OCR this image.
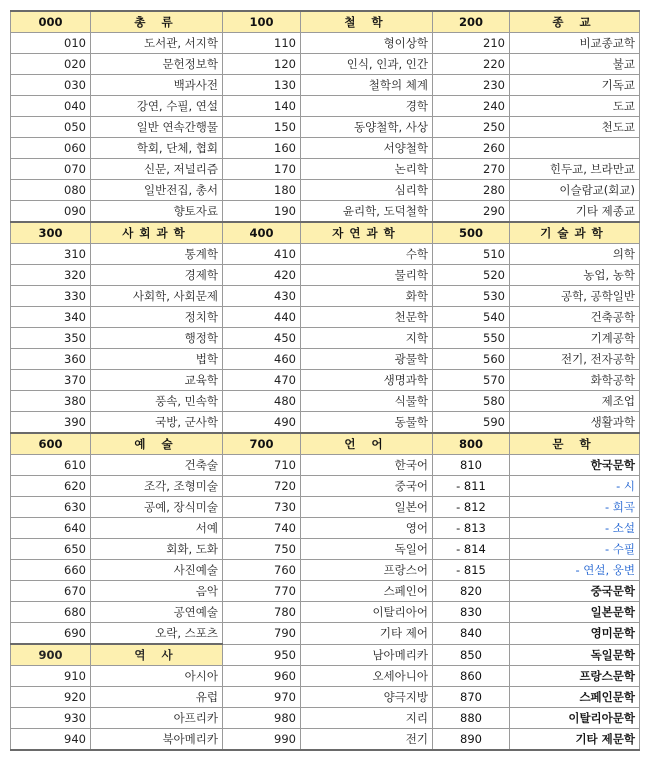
000	총 류	100	철 학	200	종 교
010	도서관, 서지학	110	형이상학	210	비교종교학
020	문헌정보학	120	인식, 인과, 인간	220	불교
030	백과사전	130	철학의 체계	230	기독교
040	강연, 수필, 연설	140	경학	240	도교
050	일반 연속간행물	150	동양철학, 사상	250	천도교
060	학회, 단체, 협회	160	서양철학	260	
070	신문, 저널리즘	170	논리학	270	힌두교, 브라만교
080	일반전집, 총서	180	심리학	280	이슬람교(회교)
090	향토자료	190	윤리학, 도덕철학	290	기타 제종교
300	사회과학	400	자연과학	500	기술과학
310	통계학	410	수학	510	의학
320	경제학	420	물리학	520	농업, 농학
330	사회학, 사회문제	430	화학	530	공학, 공학일반
340	정치학	440	천문학	540	건축공학
350	행정학	450	지학	550	기계공학
360	법학	460	광물학	560	전기, 전자공학
370	교육학	470	생명과학	570	화학공학
380	풍속, 민속학	480	식물학	580	제조업
390	국방, 군사학	490	동물학	590	생활과학
600	예 술	700	언 어	800	문 학
610	건축술	710	한국어	810	한국문학
620	조각, 조형미술	720	중국어	- 811	- 시
630	공예, 장식미술	730	일본어	- 812	- 희곡
640	서예	740	영어	- 813	- 소설
650	회화, 도화	750	독일어	- 814	- 수필
660	사진예술	760	프랑스어	- 815	- 연설, 웅변
670	음악	770	스페인어	820	중국문학
680	공연예술	780	이탈리아어	830	일본문학
690	오락, 스포츠	790	기타 제어	840	영미문학
900	역 사	950	남아메리카	850	독일문학
910	아시아	960	오세아니아	860	프랑스문학
920	유럽	970	양극지방	870	스페인문학
930	아프리카	980	지리	880	이탈리아문학
940	북아메리카	990	전기	890	기타 제문학
